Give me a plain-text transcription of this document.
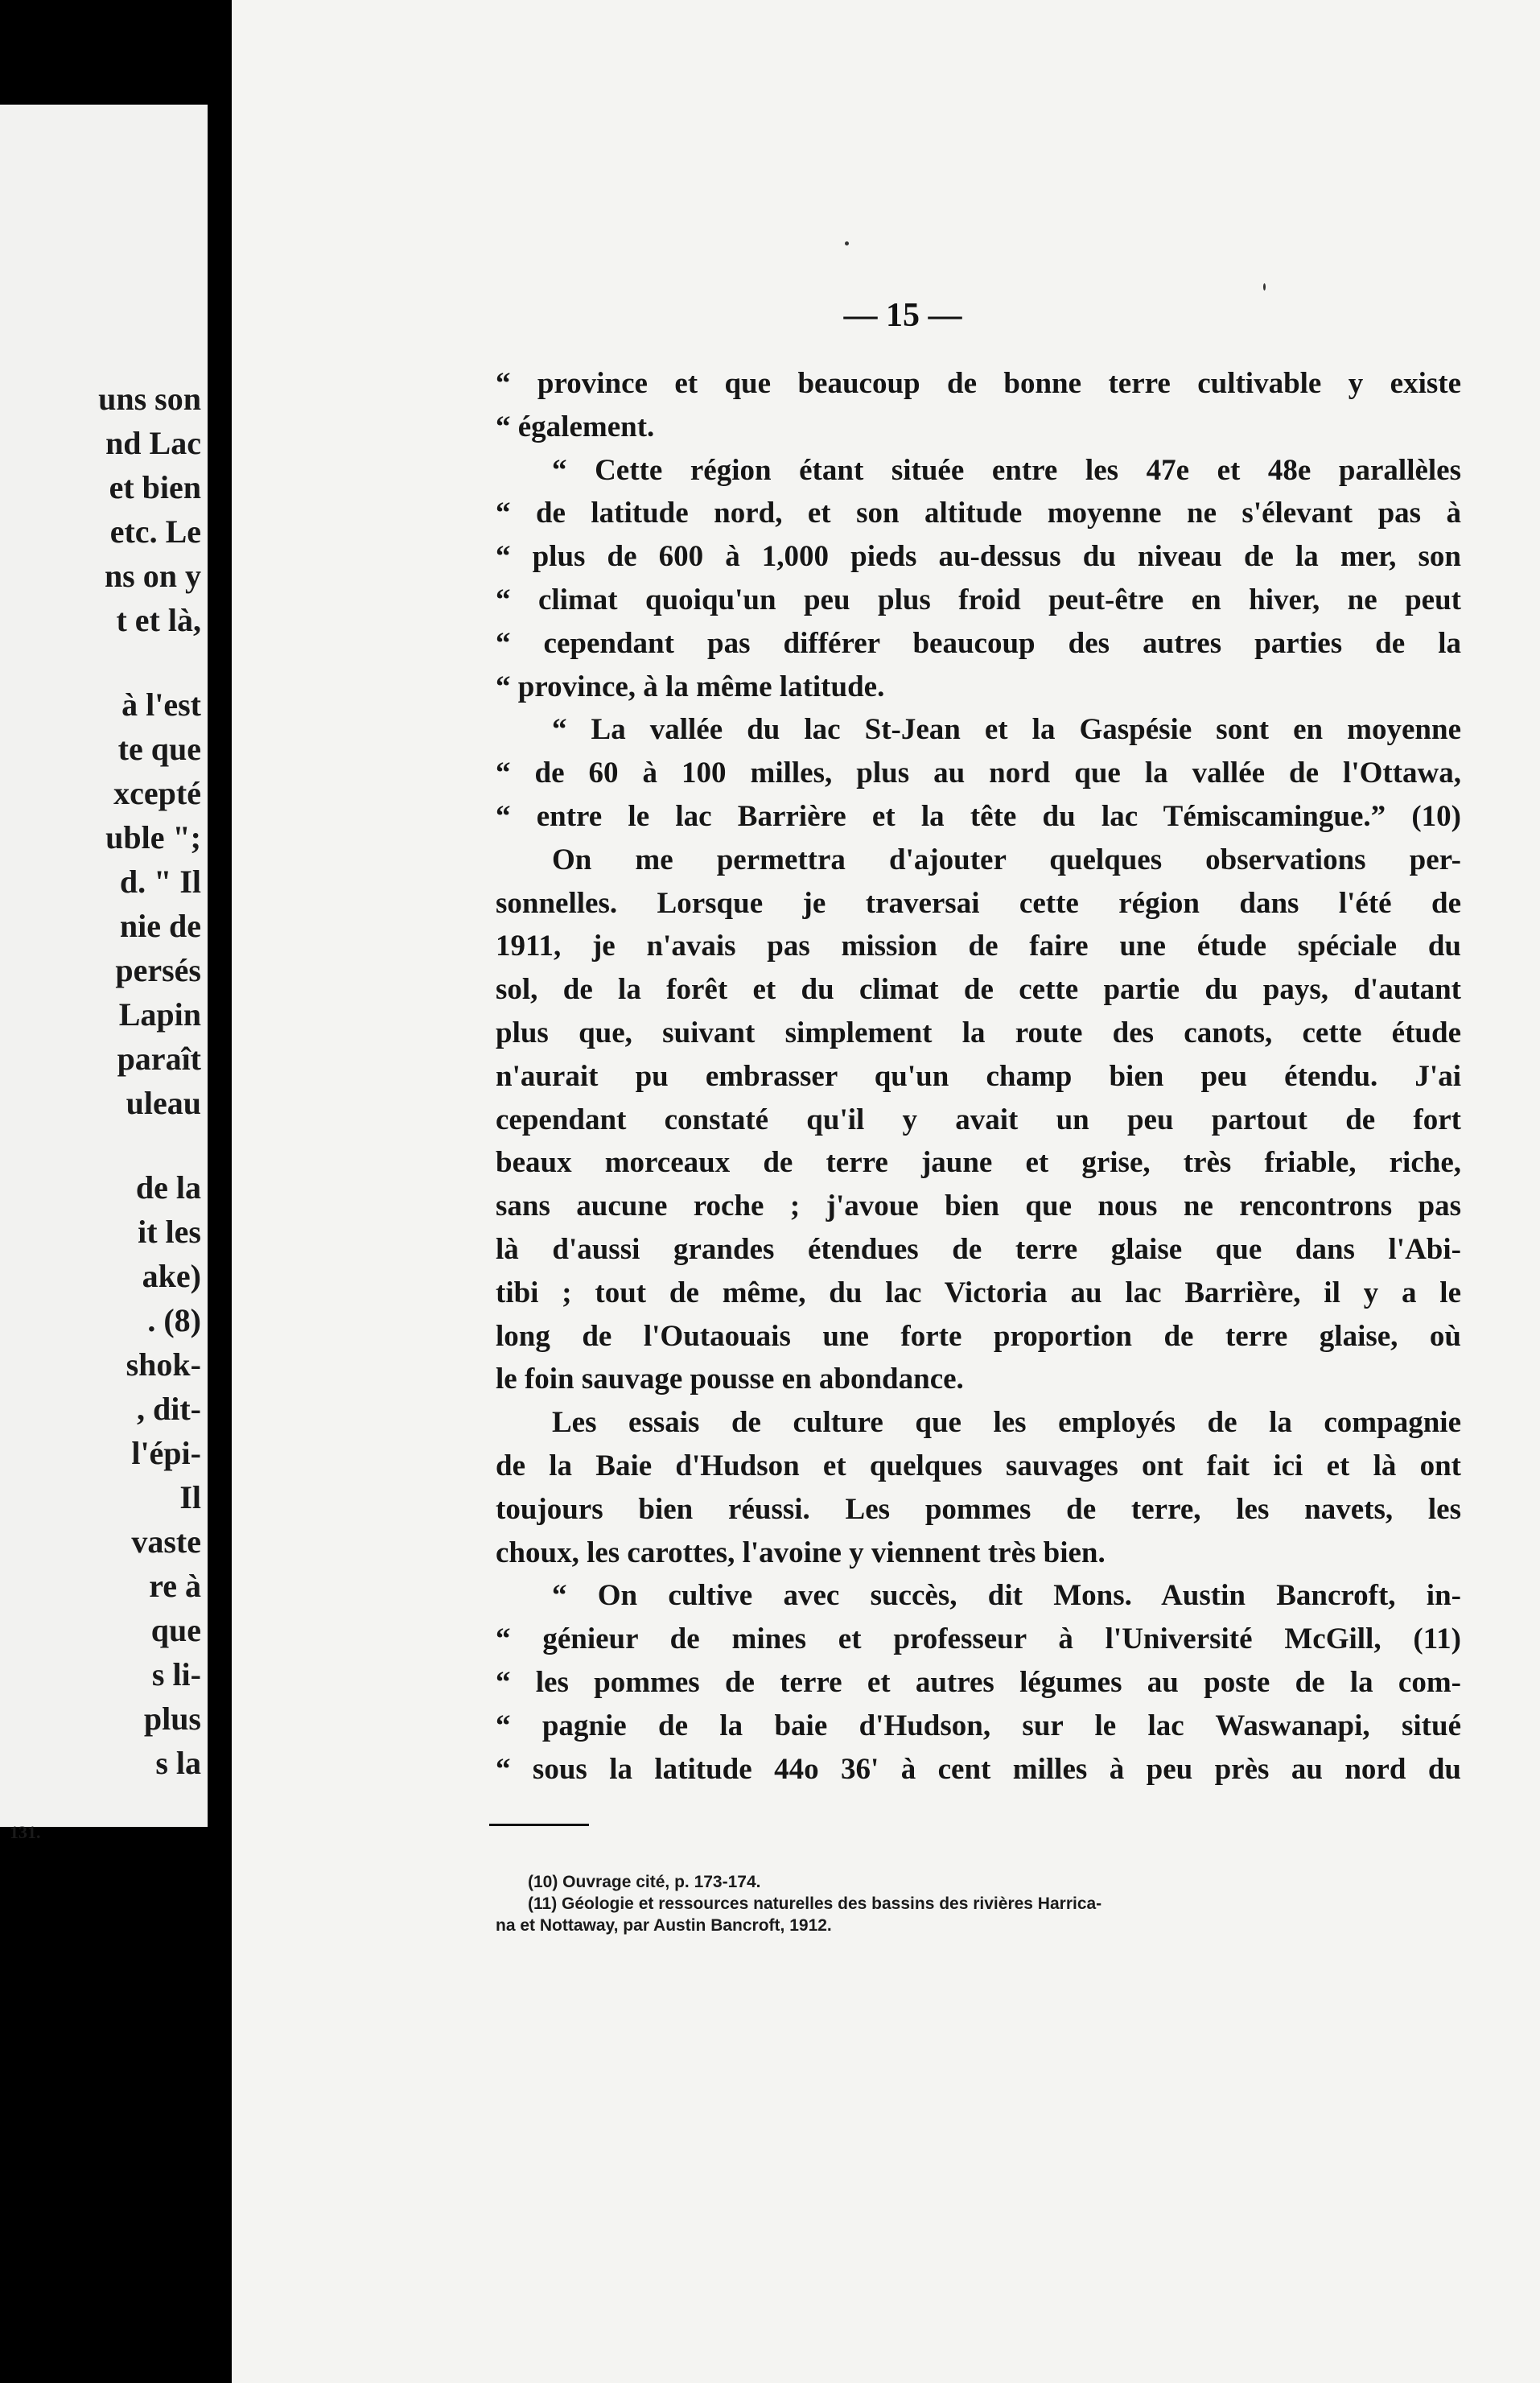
uns son
nd Lac
et bien
etc. Le
ns on y
t et là,
à l'est
te que
xcepté
uble ";
d. " Il
nie de
persés
Lapin
paraît
uleau
de la
it les
ake)
. (8)
shok-
, dit-
l'épi-
Il
vaste
re à
que
s li-
plus
s la
131.
— 15 —
“ province et que beaucoup de bonne terre cultivable y existe
“ également.
“ Cette région étant située entre les 47e et 48e parallèles
“ de latitude nord, et son altitude moyenne ne s'élevant pas à
“ plus de 600 à 1,000 pieds au-dessus du niveau de la mer, son
“ climat quoiqu'un peu plus froid peut-être en hiver, ne peut
“ cependant pas différer beaucoup des autres parties de la
“ province, à la même latitude.
“ La vallée du lac St-Jean et la Gaspésie sont en moyenne
“ de 60 à 100 milles, plus au nord que la vallée de l'Ottawa,
“ entre le lac Barrière et la tête du lac Témiscamingue.” (10)
On me permettra d'ajouter quelques observations per-
sonnelles. Lorsque je traversai cette région dans l'été de
1911, je n'avais pas mission de faire une étude spéciale du
sol, de la forêt et du climat de cette partie du pays, d'autant
plus que, suivant simplement la route des canots, cette étude
n'aurait pu embrasser qu'un champ bien peu étendu. J'ai
cependant constaté qu'il y avait un peu partout de fort
beaux morceaux de terre jaune et grise, très friable, riche,
sans aucune roche ; j'avoue bien que nous ne rencontrons pas
là d'aussi grandes étendues de terre glaise que dans l'Abi-
tibi ; tout de même, du lac Victoria au lac Barrière, il y a le
long de l'Outaouais une forte proportion de terre glaise, où
le foin sauvage pousse en abondance.
Les essais de culture que les employés de la compagnie
de la Baie d'Hudson et quelques sauvages ont fait ici et là ont
toujours bien réussi. Les pommes de terre, les navets, les
choux, les carottes, l'avoine y viennent très bien.
“ On cultive avec succès, dit Mons. Austin Bancroft, in-
“ génieur de mines et professeur à l'Université McGill, (11)
“ les pommes de terre et autres légumes au poste de la com-
“ pagnie de la baie d'Hudson, sur le lac Waswanapi, situé
“ sous la latitude 44o 36' à cent milles à peu près au nord du
(10) Ouvrage cité, p. 173-174.
(11) Géologie et ressources naturelles des bassins des rivières Harrica-
na et Nottaway, par Austin Bancroft, 1912.
